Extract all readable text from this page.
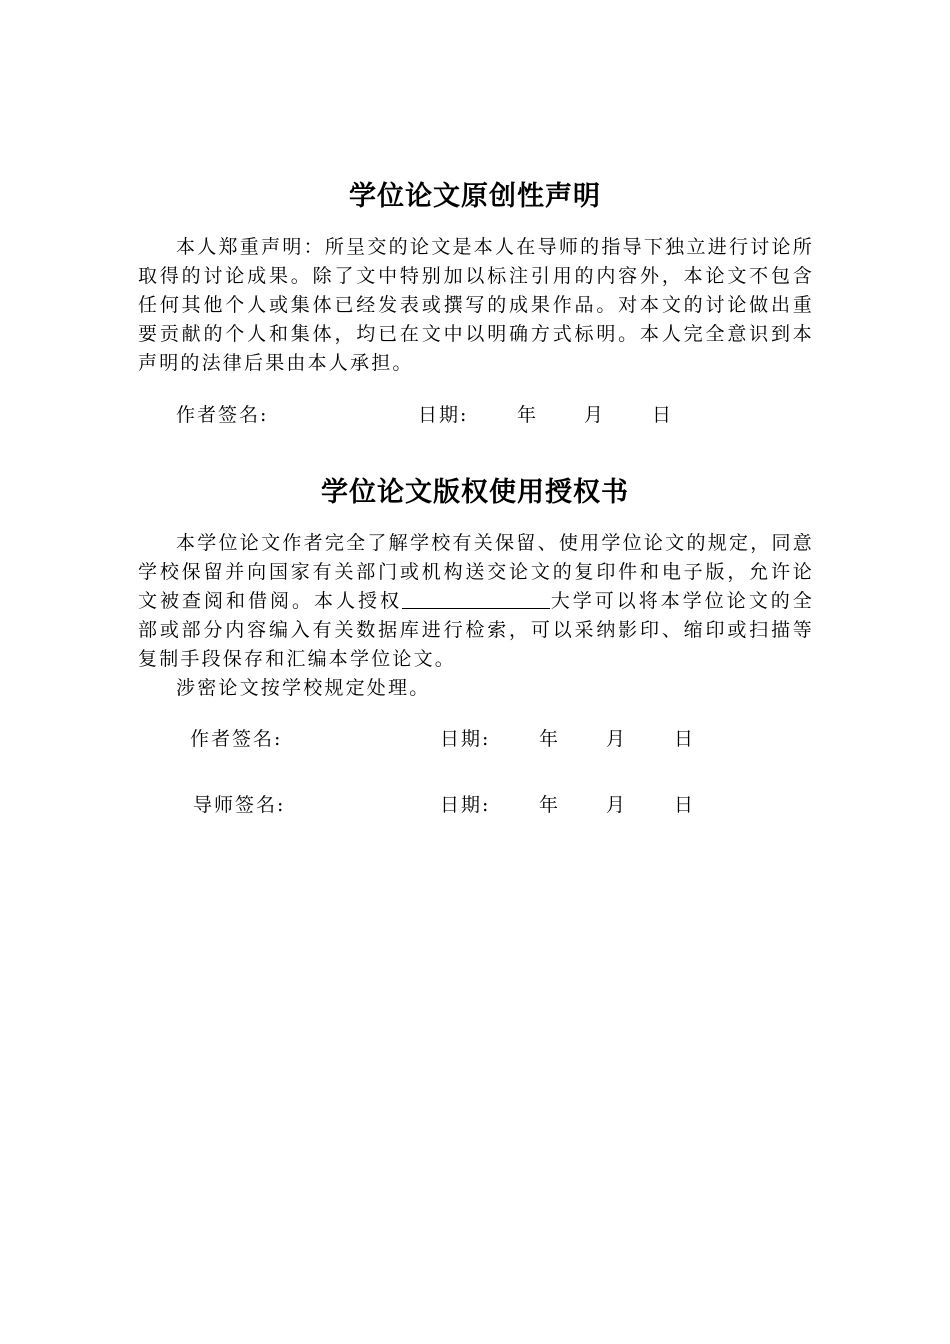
学位论文原创性声明

本人郑重声明：所呈交的论文是本人在导师的指导下独立进行讨论所取得的讨论成果。除了文中特别加以标注引用的内容外，本论文不包含任何其他个人或集体已经发表或撰写的成果作品。对本文的讨论做出重要贡献的个人和集体，均已在文中以明确方式标明。本人完全意识到本声明的法律后果由本人承担。

作者签名:	日期:	年 月 日
学位论文版权使用授权书

本学位论文作者完全了解学校有关保留、使用学位论文的规定，同意学校保留并向国家有关部门或机构送交论文的复印件和电子版，允许论文被查阅和借阅。本人授权	大学可以将本学位论文的全部或部分内容编入有关数据库进行检索，可以采纳影印、缩印或扫描等复制手段保存和汇编本学位论文。

涉密论文按学校规定处理。

作者签名:	日期:	年 月 日
导师签名:	日期:	年 月 日
